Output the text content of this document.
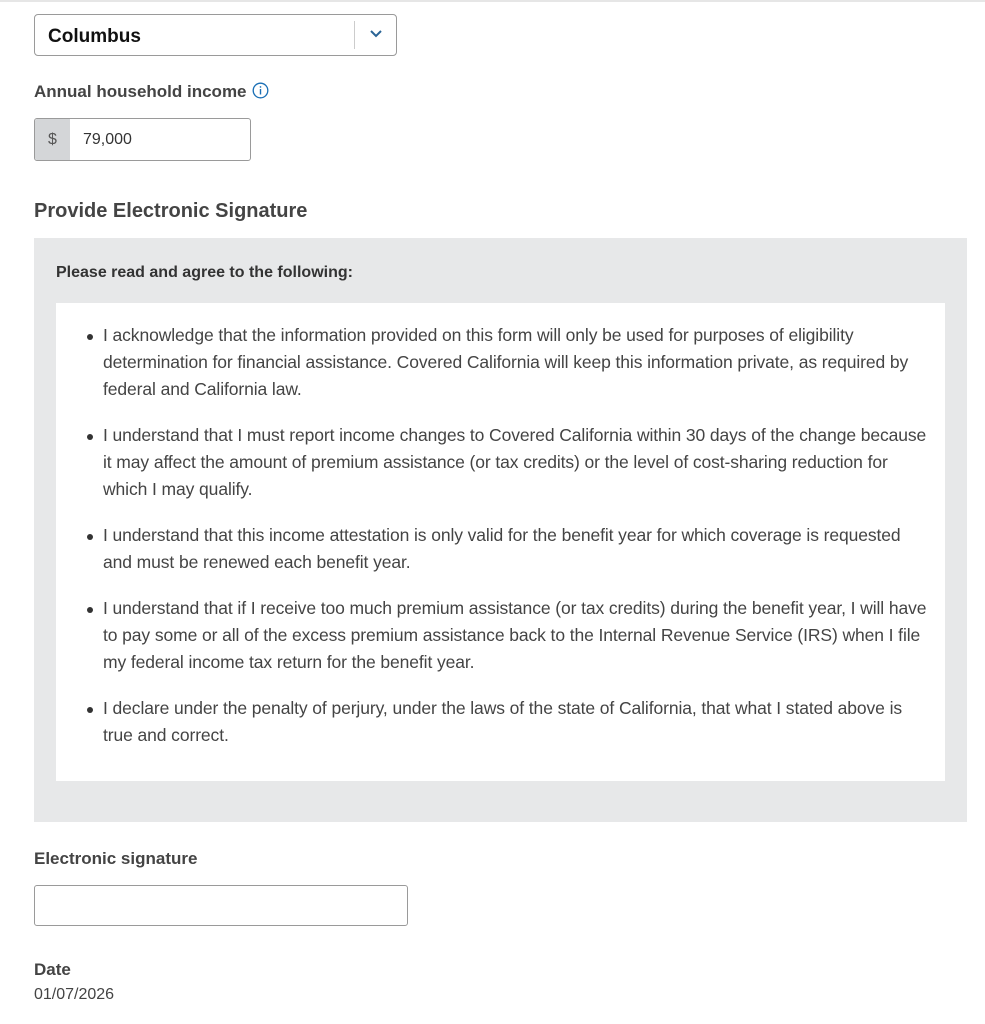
Columbus
Annual household income
$	79,000
Provide Electronic Signature
Please read and agree to the following:
I acknowledge that the information provided on this form will only be used for purposes of eligibility determination for financial assistance. Covered California will keep this information private, as required by federal and California law.
I understand that I must report income changes to Covered California within 30 days of the change because it may affect the amount of premium assistance (or tax credits) or the level of cost-sharing reduction for which I may qualify.
I understand that this income attestation is only valid for the benefit year for which coverage is requested and must be renewed each benefit year.
I understand that if I receive too much premium assistance (or tax credits) during the benefit year, I will have to pay some or all of the excess premium assistance back to the Internal Revenue Service (IRS) when I file my federal income tax return for the benefit year.
I declare under the penalty of perjury, under the laws of the state of California, that what I stated above is true and correct.
Electronic signature
Date
01/07/2026
